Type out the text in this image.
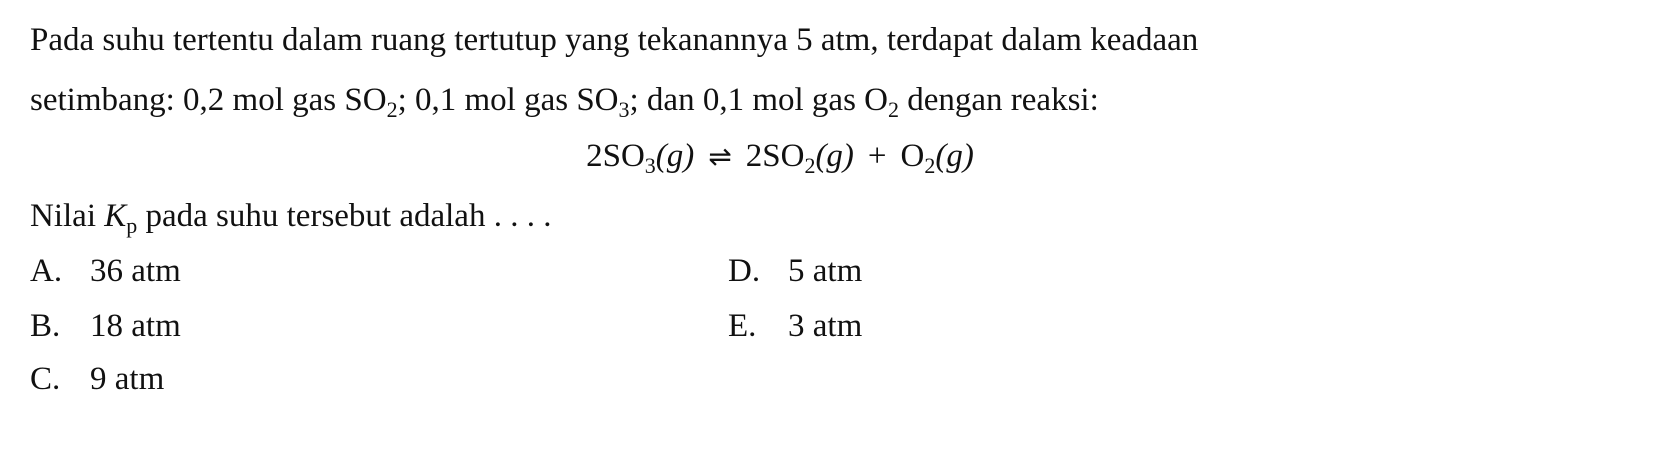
Pada suhu tertentu dalam ruang tertutup yang tekanannya 5 atm, terdapat dalam keadaan
setimbang: 0,2 mol gas $SO_2$; 0,1 mol gas $SO_3$; dan 0,1 mol gas $O_2$ dengan reaksi:
$2SO_3(g)$ ⇌ $2SO_2(g) + O_2(g)$
Nilai $K_p$ pada suhu tersebut adalah . . . .
A. 36 atm
B. 18 atm
C. 9 atm
D. 5 atm
E. 3 atm
